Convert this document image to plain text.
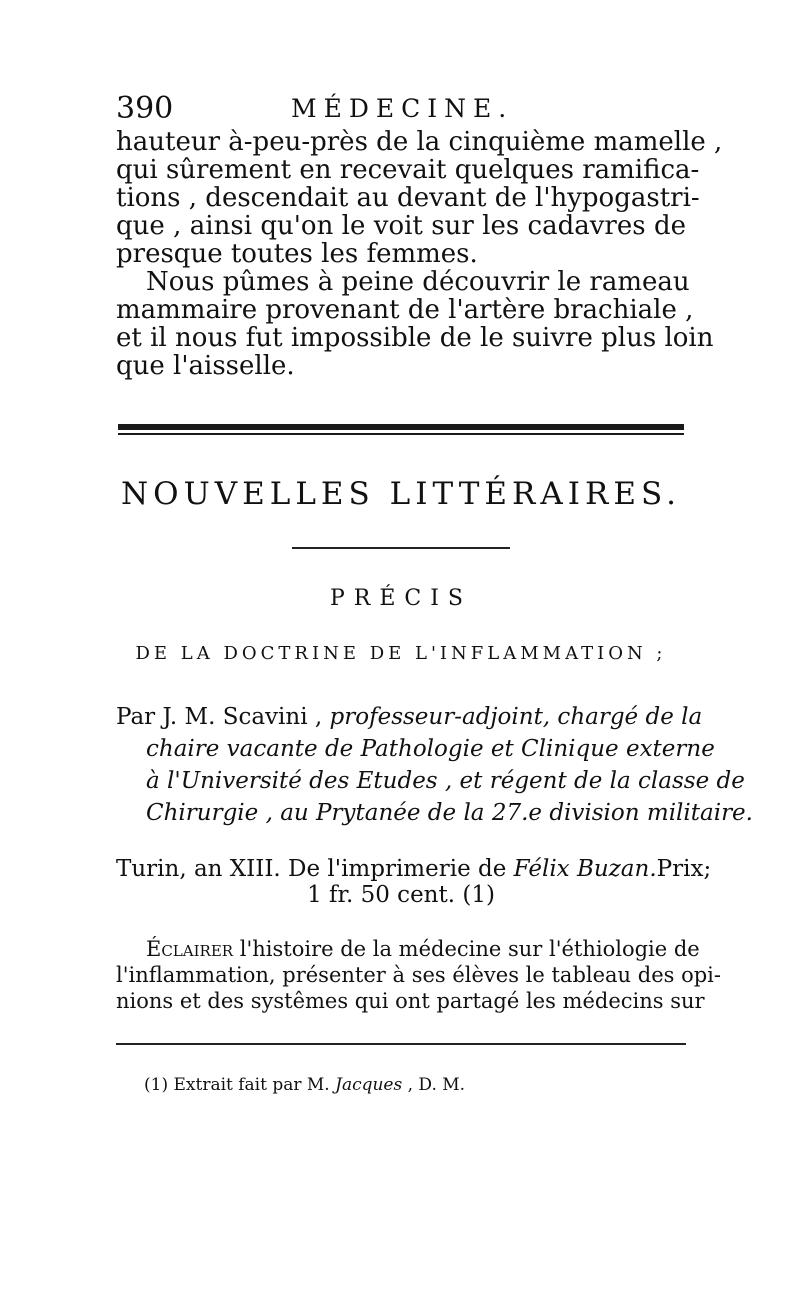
390	MÉDECINE.
hauteur à-peu-près de la cinquième mamelle ,
qui sûrement en recevait quelques ramifica-
tions , descendait au devant de l'hypogastri-
que , ainsi qu'on le voit sur les cadavres de
presque toutes les femmes.
Nous pûmes à peine découvrir le rameau
mammaire provenant de l'artère brachiale ,
et il nous fut impossible de le suivre plus loin
que l'aisselle.
NOUVELLES LITTÉRAIRES.
PRÉCIS
DE LA DOCTRINE DE L'INFLAMMATION ;
Par J. M. Scavini , professeur-adjoint, chargé de la
chaire vacante de Pathologie et Clinique externe
à l'Université des Etudes , et régent de la classe de
Chirurgie , au Prytanée de la 27.e division militaire.
Turin, an XIII. De l'imprimerie de Félix Buzan. Prix;
1 fr. 50 cent. (1)
Éclairer l'histoire de la médecine sur l'éthiologie de
l'inflammation, présenter à ses élèves le tableau des opi-
nions et des systêmes qui ont partagé les médecins sur
(1) Extrait fait par M. Jacques , D. M.
